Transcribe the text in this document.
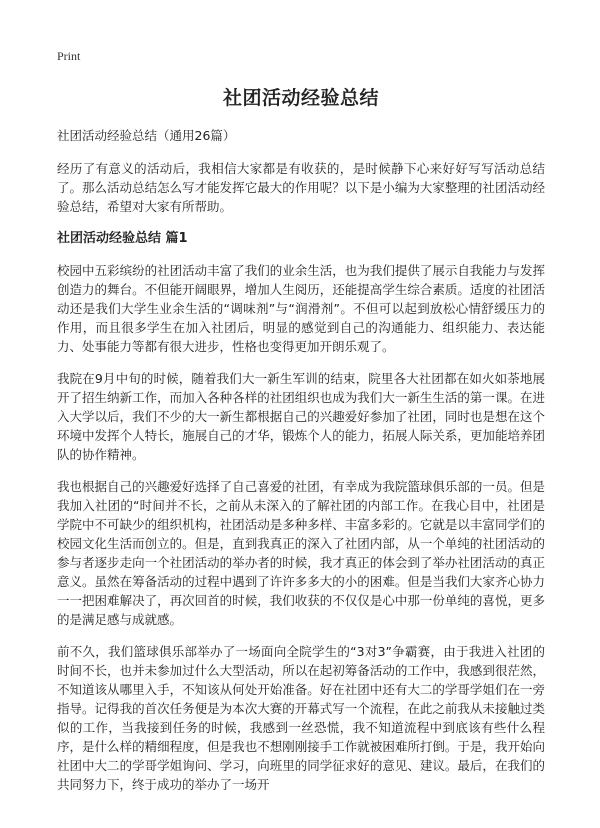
Print

社团活动经验总结

社团活动经验总结（通用26篇）

经历了有意义的活动后，我相信大家都是有收获的，是时候静下心来好好写写活动总结了。那么活动总结怎么写才能发挥它最大的作用呢？以下是小编为大家整理的社团活动经验总结，希望对大家有所帮助。

社团活动经验总结 篇1

校园中五彩缤纷的社团活动丰富了我们的业余生活，也为我们提供了展示自我能力与发挥创造力的舞台。不但能开阔眼界，增加人生阅历，还能提高学生综合素质。适度的社团活动还是我们大学生业余生活的“调味剂”与“润滑剂”。不但可以起到放松心情舒缓压力的作用，而且很多学生在加入社团后，明显的感觉到自己的沟通能力、组织能力、表达能力、处事能力等都有很大进步，性格也变得更加开朗乐观了。

我院在9月中旬的时候，随着我们大一新生军训的结束，院里各大社团都在如火如荼地展开了招生纳新工作，而加入各种各样的社团组织也成为我们大一新生生活的第一课。在进入大学以后，我们不少的大一新生都根据自己的兴趣爱好参加了社团，同时也是想在这个环境中发挥个人特长，施展自己的才华，锻炼个人的能力，拓展人际关系，更加能培养团队的协作精神。

我也根据自己的兴趣爱好选择了自己喜爱的社团，有幸成为我院篮球俱乐部的一员。但是我加入社团的“时间并不长，之前从未深入的了解社团的内部工作。在我心目中，社团是学院中不可缺少的组织机构，社团活动是多种多样、丰富多彩的。它就是以丰富同学们的校园文化生活而创立的。但是，直到我真正的深入了社团内部，从一个单纯的社团活动的参与者逐步走向一个社团活动的举办者的时候，我才真正的体会到了举办社团活动的真正意义。虽然在筹备活动的过程中遇到了许许多多大的小的困难。但是当我们大家齐心协力一一把困难解决了，再次回首的时候，我们收获的不仅仅是心中那一份单纯的喜悦，更多的是满足感与成就感。

前不久，我们篮球俱乐部举办了一场面向全院学生的“3对3”争霸赛，由于我进入社团的时间不长，也并未参加过什么大型活动，所以在起初筹备活动的工作中，我感到很茫然，不知道该从哪里入手，不知该从何处开始准备。好在社团中还有大二的学哥学姐们在一旁指导。记得我的首次任务便是为本次大赛的开幕式写一个流程，在此之前我从未接触过类似的工作，当我接到任务的时候，我感到一丝恐慌，我不知道流程中到底该有些什么程序，是什么样的精细程度，但是我也不想刚刚接手工作就被困难所打倒。于是，我开始向社团中大二的学哥学姐询问、学习，向班里的同学征求好的意见、建议。最后，在我们的共同努力下，终于成功的举办了一场开
